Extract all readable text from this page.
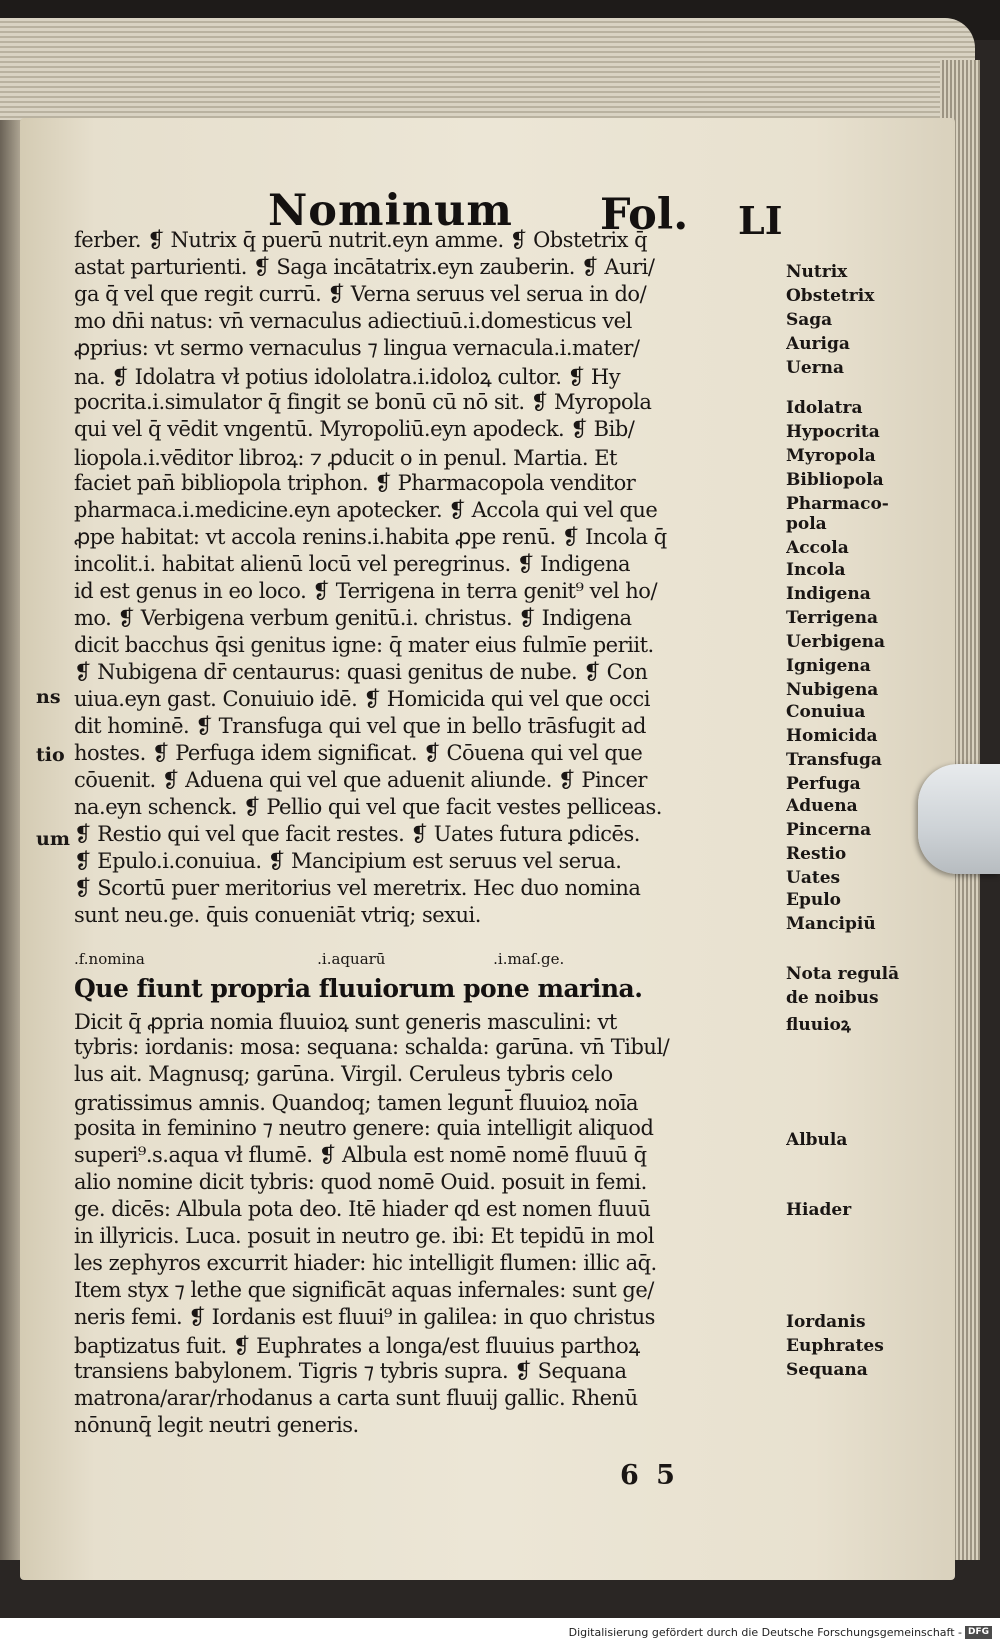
ns
tio
um
Nominum Fol. LI
ferber. ❡ Nutrix q̄ puerū nutrit.eyn amme. ❡ Obstetrix q̄
astat parturienti. ❡ Saga incātatrix.eyn zauberin. ❡ Auri/
ga q̄ vel que regit currū. ❡ Verna seruus vel serua in do/
mo dn̄i natus: vn̄ vernaculus adiectiuū.i.domesticus vel
ꝓprius: vt sermo vernaculus ⁊ lingua vernacula.i.mater/
na. ❡ Idolatra vł potius idololatra.i.idoloꝝ cultor. ❡ Hy
pocrita.i.simulator q̄ fingit se bonū cū nō sit. ❡ Myropola
qui vel q̄ vēdit vngentū. Myropoliū.eyn apodeck. ❡ Bib/
liopola.i.vēditor libroꝝ: ⁊ ꝓducit o in penul. Martia. Et
faciet pan̄ bibliopola triphon. ❡ Pharmacopola venditor
pharmaca.i.medicine.eyn apotecker. ❡ Accola qui vel que
ꝓpe habitat: vt accola renins.i.habita ꝓpe renū. ❡ Incola q̄
incolit.i. habitat alienū locū vel peregrinus. ❡ Indigena
id est genus in eo loco. ❡ Terrigena in terra genit⁹ vel ho/
mo. ❡ Verbigena verbum genitū.i. christus. ❡ Indigena
dicit̄ bacchus q̄si genitus igne: q̄ mater eius fulmīe periit.
❡ Nubigena dr̄ centaurus: quasi genitus de nube. ❡ Con
uiua.eyn gast. Conuiuio idē. ❡ Homicida qui vel que occi
dit hominē. ❡ Transfuga qui vel que in bello trāsfugit ad
hostes. ❡ Perfuga idem significat. ❡ Cōuena qui vel que
cōuenit. ❡ Aduena qui vel que aduenit aliunde. ❡ Pincer
na.eyn schenck. ❡ Pellio qui vel que facit vestes pelliceas.
❡ Restio qui vel que facit restes. ❡ Uates futura ꝑdicēs.
❡ Epulo.i.conuiua. ❡ Mancipium est seruus vel serua.
❡ Scortū puer meritorius vel meretrix. Hec duo nomina
sunt neu.ge. q̄uis conueniāt vtriq; sexui.
.f.nomina                .i.aquarū          .i.maſ.ge.
Que fiunt propria fluuiorum pone marina.
Dicit q̄ ꝓpria nomia fluuioꝝ sunt generis masculini: vt
tybris: iordanis: mosa: sequana: schalda: garūna. vn̄ Tibul/
lus ait. Magnusq; garūna. Virgil. Ceruleus tybris celo
gratissimus amnis. Quandoq; tamen legunt̄ fluuioꝝ noīa
posita in feminino ⁊ neutro genere: quia intelligit̄ aliquod
superi⁹.s.aqua vł flumē. ❡ Albula est nomē nomē fluuū q̄
alio nomine dicit̄ tybris: quod nomē Ouid. posuit in femi.
ge. dicēs: Albula pota deo. Itē hiader qd̄ est nomen fluuū
in illyricis. Luca. posuit in neutro ge. ibi: Et tepidū in mol
les zephyros excurrit hiader: hic intelligit̄ flumen: illic aq̄.
Item styx ⁊ lethe que significāt aquas infernales: sunt ge/
neris femi. ❡ Iordanis est fluui⁹ in galilea: in quo christus
baptizatus fuit. ❡ Euphrates a longa/est fluuius parthoꝝ
transiens babylonem. Tigris ⁊ tybris supra. ❡ Sequana
matrona/arar/rhodanus a carta sunt fluuij gallic. Rhenū
nōnunq̄ legit̄ neutri generis.
Nutrix
Obstetrix
Saga
Auriga
Uerna
Idolatra
Hypocrita
Myropola
Bibliopola
Pharmaco-
pola
Accola
Incola
Indigena
Terrigena
Uerbigena
Ignigena
Nubigena
Conuiua
Homicida
Transfuga
Perfuga
Aduena
Pincerna
Restio
Uates
Epulo
Mancipiū
Nota regulā
de noibus
fluuioꝝ
Albula
Hiader
Iordanis
Euphrates
Sequana
6 5
Digitalisierung gefördert durch die Deutsche Forschungsgemeinschaft - DFG
